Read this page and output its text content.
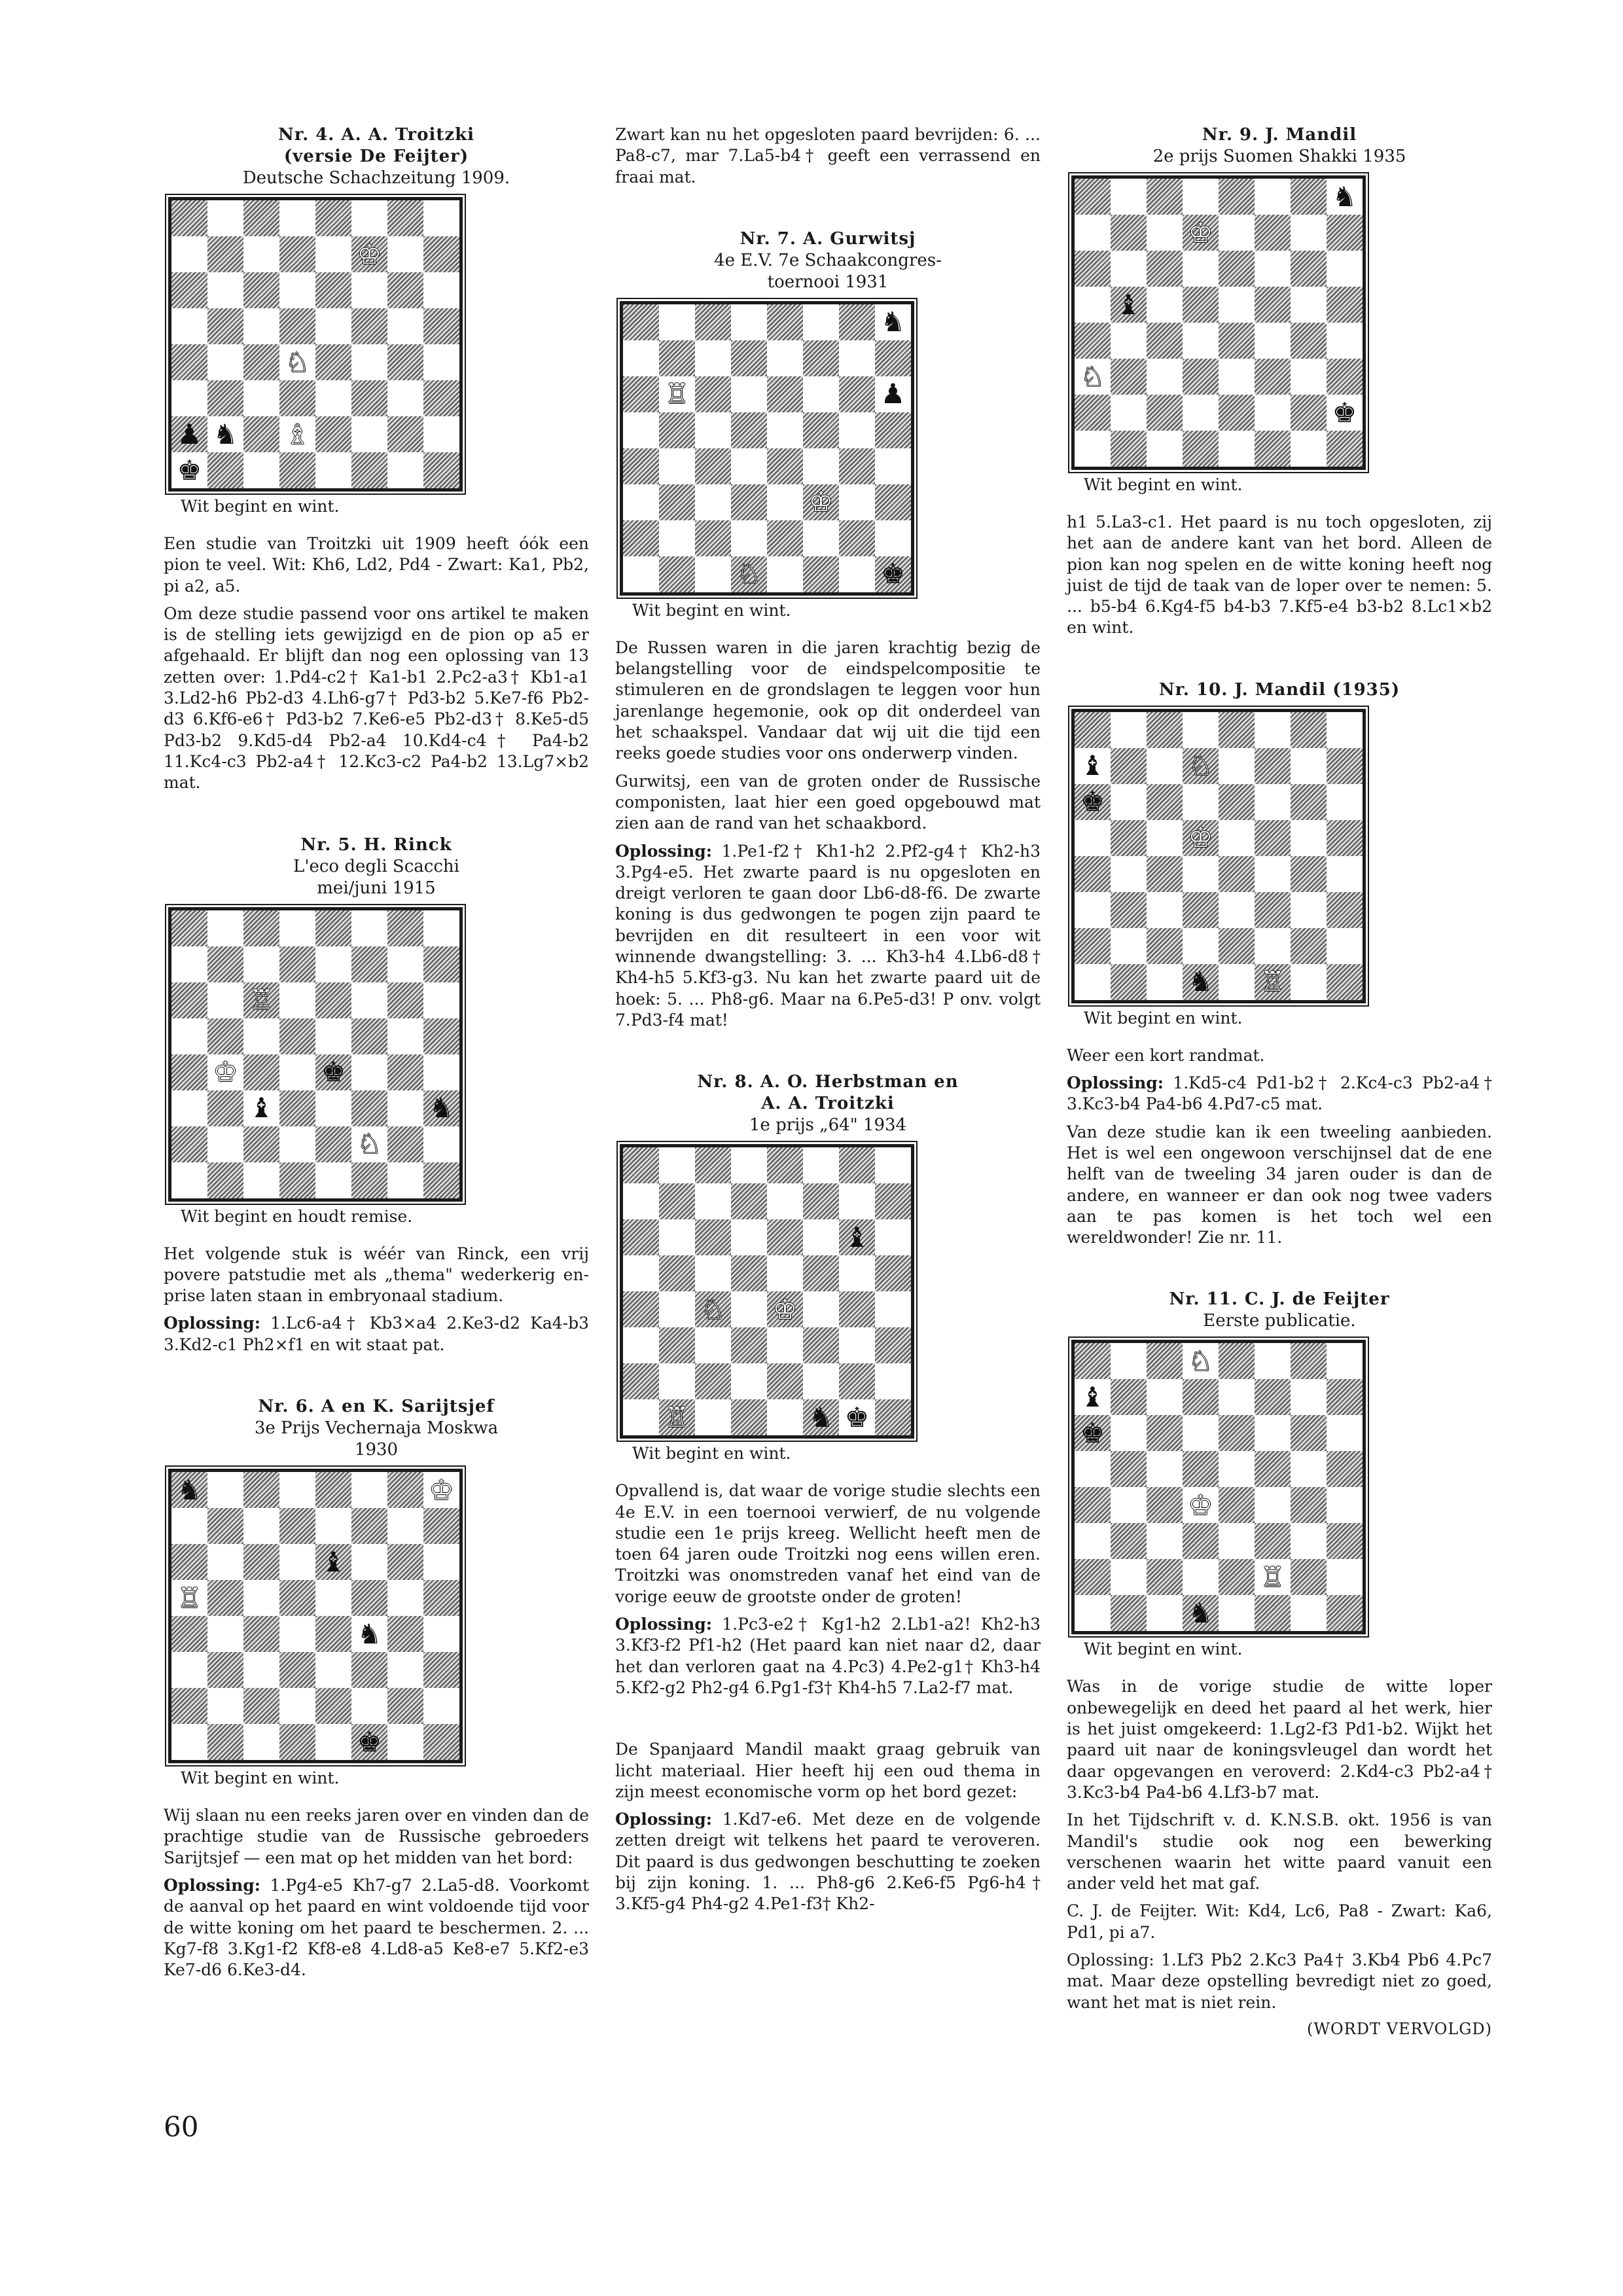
Nr. 4. A. A. Troitzki
(versie De Feijter)
Deutsche Schachzeitung 1909.
♔
♘
♟ ♞ ♗
♚
Wit begint en wint.

Een studie van Troitzki uit 1909 heeft óók een pion te veel. Wit: Kh6, Ld2, Pd4 - Zwart: Ka1, Pb2, pi a2, a5.

Om deze studie passend voor ons artikel te maken is de stelling iets gewijzigd en de pion op a5 er afgehaald. Er blijft dan nog een oplossing van 13 zetten over: 1.Pd4-c2† Ka1-b1 2.Pc2-a3† Kb1-a1 3.Ld2-h6 Pb2-d3 4.Lh6-g7† Pd3-b2 5.Ke7-f6 Pb2-d3 6.Kf6-e6† Pd3-b2 7.Ke6-e5 Pb2-d3† 8.Ke5-d5 Pd3-b2 9.Kd5-d4 Pb2-a4 10.Kd4-c4† Pa4-b2 11.Kc4-c3 Pb2-a4† 12.Kc3-c2 Pa4-b2 13.Lg7×b2 mat.

Nr. 5. H. Rinck
L'eco degli Scacchi
mei/juni 1915
♖
♔	♚
♝	♞
♘
Wit begint en houdt remise.

Het volgende stuk is wéér van Rinck, een vrij povere patstudie met als „thema" wederkerig en-prise laten staan in embryonaal stadium.

Oplossing: 1.Lc6-a4† Kb3×a4 2.Ke3-d2 Ka4-b3 3.Kd2-c1 Ph2×f1 en wit staat pat.

Nr. 6. A en K. Sarijtsjef
3e Prijs Vechernaja Moskwa
1930
♞	♔
♝
♖
♞
♚
Wit begint en wint.

Wij slaan nu een reeks jaren over en vinden dan de prachtige studie van de Russische gebroeders Sarijtsjef — een mat op het midden van het bord:

Oplossing: 1.Pg4-e5 Kh7-g7 2.La5-d8. Voorkomt de aanval op het paard en wint voldoende tijd voor de witte koning om het paard te beschermen. 2. ... Kg7-f8 3.Kg1-f2 Kf8-e8 4.Ld8-a5 Ke8-e7 5.Kf2-e3 Ke7-d6 6.Ke3-d4.

Zwart kan nu het opgesloten paard bevrijden: 6. ... Pa8-c7, mar 7.La5-b4† geeft een verrassend en fraai mat.

Nr. 7. A. Gurwitsj
4e E.V. 7e Schaakcongres-
toernooi 1931
♞
♖	♟
♔
♘	♚
Wit begint en wint.

De Russen waren in die jaren krachtig bezig de belangstelling voor de eindspelcompositie te stimuleren en de grondslagen te leggen voor hun jarenlange hegemonie, ook op dit onderdeel van het schaakspel. Vandaar dat wij uit die tijd een reeks goede studies voor ons onderwerp vinden.

Gurwitsj, een van de groten onder de Russische componisten, laat hier een goed opgebouwd mat zien aan de rand van het schaakbord.

Oplossing: 1.Pe1-f2† Kh1-h2 2.Pf2-g4† Kh2-h3 3.Pg4-e5. Het zwarte paard is nu opgesloten en dreigt verloren te gaan door Lb6-d8-f6. De zwarte koning is dus gedwongen te pogen zijn paard te bevrijden en dit resulteert in een voor wit winnende dwangstelling: 3. ... Kh3-h4 4.Lb6-d8† Kh4-h5 5.Kf3-g3. Nu kan het zwarte paard uit de hoek: 5. ... Ph8-g6. Maar na 6.Pe5-d3! P onv. volgt 7.Pd3-f4 mat!

Nr. 8. A. O. Herbstman en
A. A. Troitzki
1e prijs „64" 1934
♝
♘ ♔
♖	♞ ♚
Wit begint en wint.

Opvallend is, dat waar de vorige studie slechts een 4e E.V. in een toernooi verwierf, de nu volgende studie een 1e prijs kreeg. Wellicht heeft men de toen 64 jaren oude Troitzki nog eens willen eren. Troitzki was onomstreden vanaf het eind van de vorige eeuw de grootste onder de groten!

Oplossing: 1.Pc3-e2† Kg1-h2 2.Lb1-a2! Kh2-h3 3.Kf3-f2 Pf1-h2 (Het paard kan niet naar d2, daar het dan verloren gaat na 4.Pc3) 4.Pe2-g1† Kh3-h4 5.Kf2-g2 Ph2-g4 6.Pg1-f3† Kh4-h5 7.La2-f7 mat.

De Spanjaard Mandil maakt graag gebruik van licht materiaal. Hier heeft hij een oud thema in zijn meest economische vorm op het bord gezet:

Oplossing: 1.Kd7-e6. Met deze en de volgende zetten dreigt wit telkens het paard te veroveren. Dit paard is dus gedwongen beschutting te zoeken bij zijn koning. 1. ... Ph8-g6 2.Ke6-f5 Pg6-h4† 3.Kf5-g4 Ph4-g2 4.Pe1-f3† Kh2-

Nr. 9. J. Mandil
2e prijs Suomen Shakki 1935
♞
♔
♝
♘
♚
Wit begint en wint.

h1 5.La3-c1. Het paard is nu toch opgesloten, zij het aan de andere kant van het bord. Alleen de pion kan nog spelen en de witte koning heeft nog juist de tijd de taak van de loper over te nemen: 5. ... b5-b4 6.Kg4-f5 b4-b3 7.Kf5-e4 b3-b2 8.Lc1×b2 en wint.

Nr. 10. J. Mandil (1935)
♝	♘
♚
♔
♞ ♖
Wit begint en wint.

Weer een kort randmat.

Oplossing: 1.Kd5-c4 Pd1-b2† 2.Kc4-c3 Pb2-a4† 3.Kc3-b4 Pa4-b6 4.Pd7-c5 mat.

Van deze studie kan ik een tweeling aanbieden. Het is wel een ongewoon verschijnsel dat de ene helft van de tweeling 34 jaren ouder is dan de andere, en wanneer er dan ook nog twee vaders aan te pas komen is het toch wel een wereldwonder! Zie nr. 11.

Nr. 11. C. J. de Feijter
Eerste publicatie.
♘
♝
♚
♔
♖
♞
Wit begint en wint.

Was in de vorige studie de witte loper onbewegelijk en deed het paard al het werk, hier is het juist omgekeerd: 1.Lg2-f3 Pd1-b2. Wijkt het paard uit naar de koningsvleugel dan wordt het daar opgevangen en veroverd: 2.Kd4-c3 Pb2-a4† 3.Kc3-b4 Pa4-b6 4.Lf3-b7 mat.

In het Tijdschrift v. d. K.N.S.B. okt. 1956 is van Mandil's studie ook nog een bewerking verschenen waarin het witte paard vanuit een ander veld het mat gaf.

C. J. de Feijter. Wit: Kd4, Lc6, Pa8 - Zwart: Ka6, Pd1, pi a7.

Oplossing: 1.Lf3 Pb2 2.Kc3 Pa4† 3.Kb4 Pb6 4.Pc7 mat. Maar deze opstelling bevredigt niet zo goed, want het mat is niet rein.

(WORDT VERVOLGD)
60
